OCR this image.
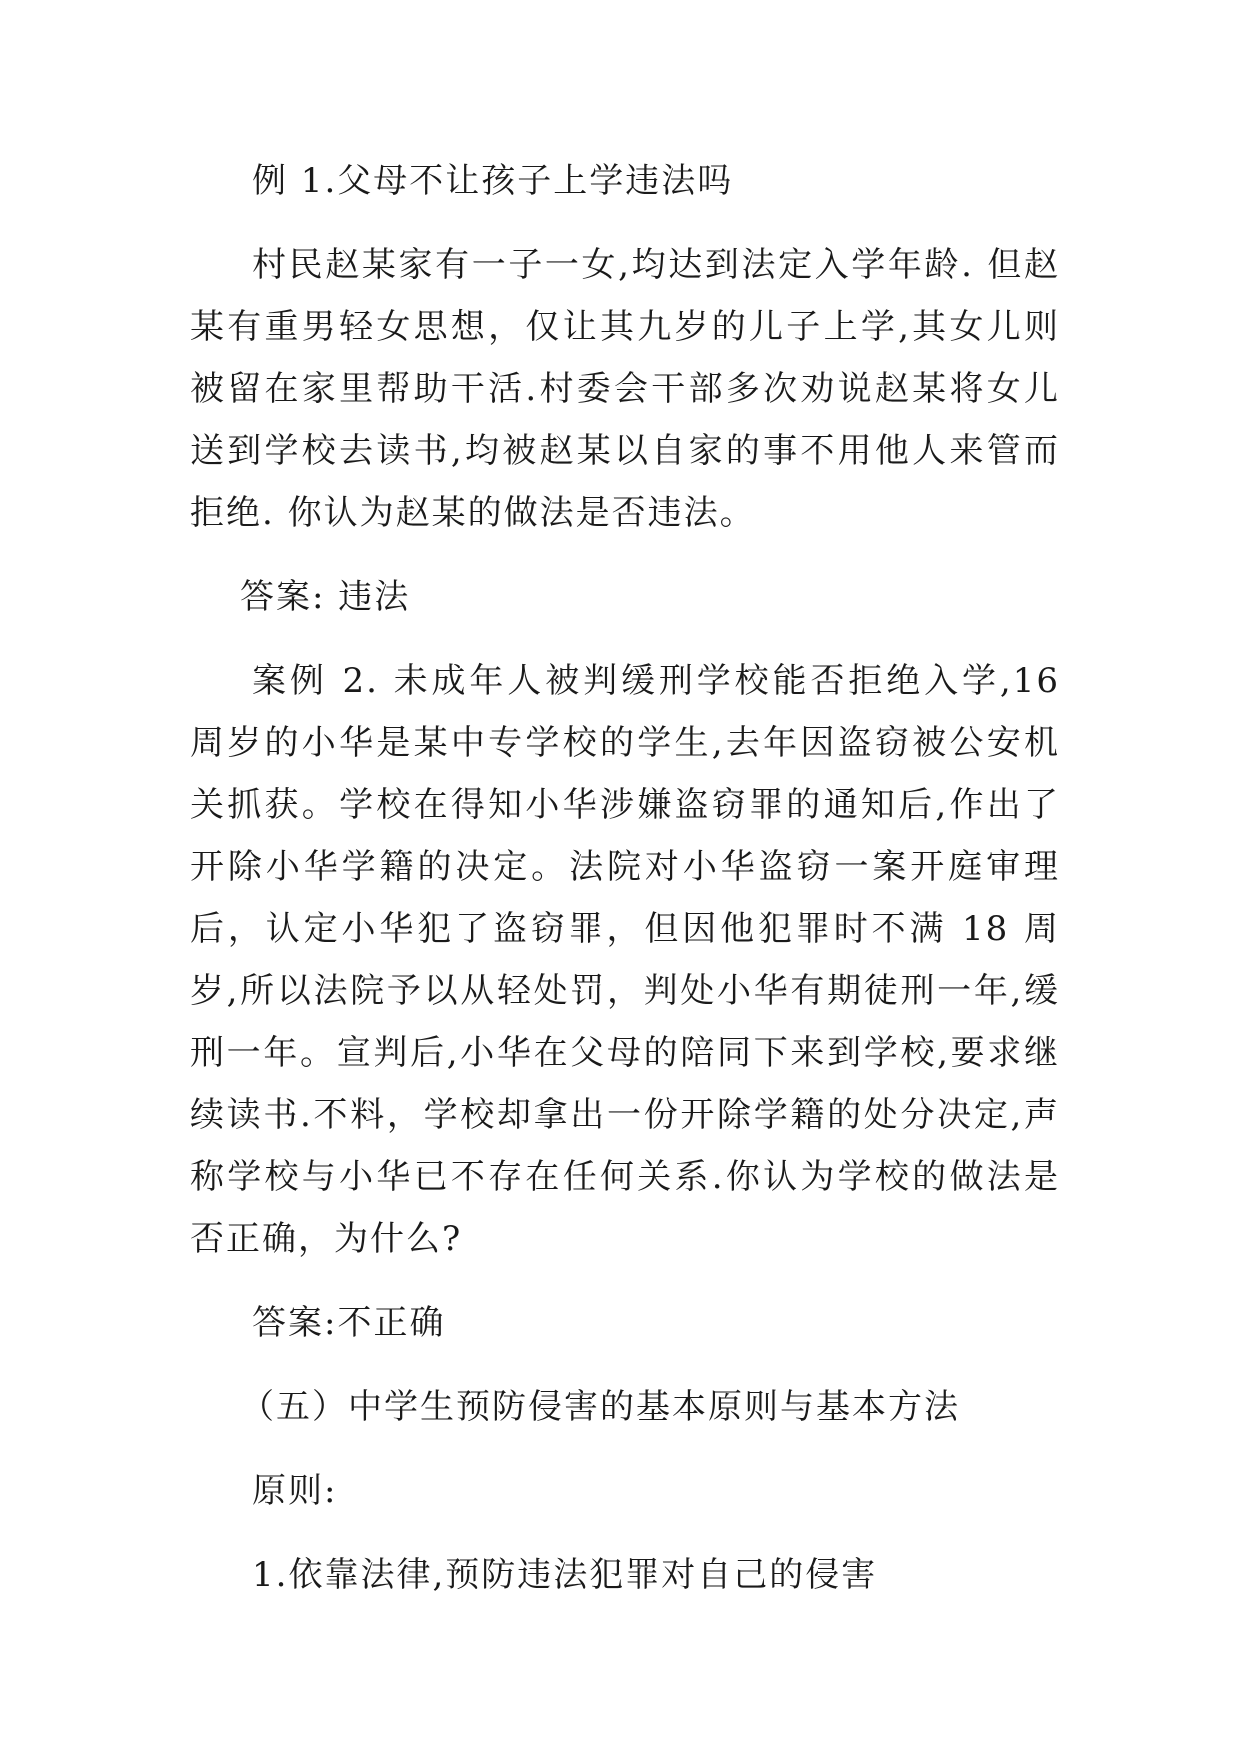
例 1.父母不让孩子上学违法吗

村民赵某家有一子一女,均达到法定入学年龄. 但赵某有重男轻女思想，仅让其九岁的儿子上学,其女儿则被留在家里帮助干活.村委会干部多次劝说赵某将女儿送到学校去读书,均被赵某以自家的事不用他人来管而拒绝. 你认为赵某的做法是否违法。

答案: 违法

案例 2. 未成年人被判缓刑学校能否拒绝入学,16 周岁的小华是某中专学校的学生,去年因盗窃被公安机关抓获。学校在得知小华涉嫌盗窃罪的通知后,作出了开除小华学籍的决定。法院对小华盗窃一案开庭审理后，认定小华犯了盗窃罪，但因他犯罪时不满 18 周岁,所以法院予以从轻处罚，判处小华有期徒刑一年,缓刑一年。宣判后,小华在父母的陪同下来到学校,要求继续读书.不料，学校却拿出一份开除学籍的处分决定,声称学校与小华已不存在任何关系.你认为学校的做法是否正确，为什么?

答案:不正确

（五）中学生预防侵害的基本原则与基本方法

原则:

1.依靠法律,预防违法犯罪对自己的侵害
